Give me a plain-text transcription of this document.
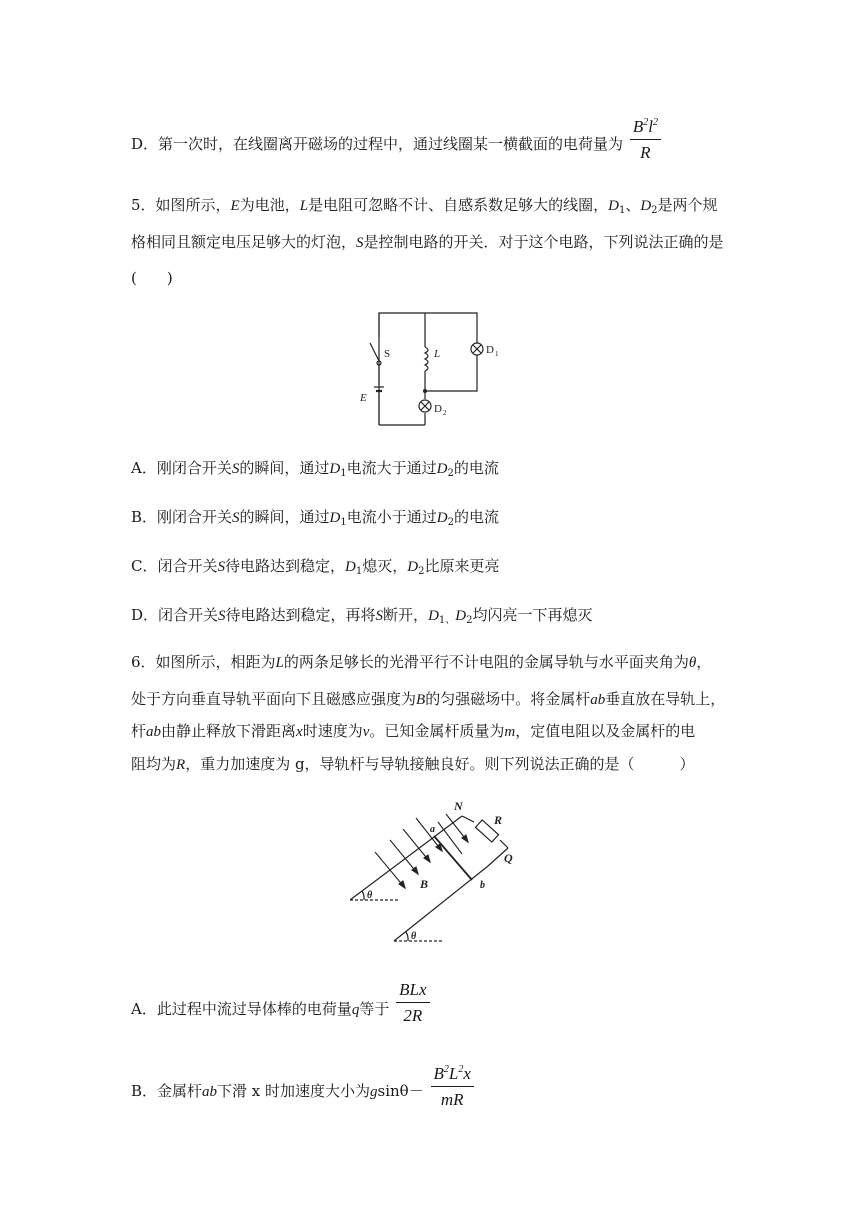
D．第一次时，在线圈离开磁场的过程中，通过线圈某一横截面的电荷量为 $\frac{B^2l^2}{R}$
5．如图所示，E为电池，L是电阻可忽略不计、自感系数足够大的线圈，$D_1$、$D_2$是两个规
格相同且额定电压足够大的灯泡，S是控制电路的开关．对于这个电路，下列说法正确的是
(　　)
S	L
E
D 1
D 2
A．刚闭合开关S的瞬间，通过$D_1$电流大于通过$D_2$的电流
B．刚闭合开关S的瞬间，通过$D_1$电流小于通过$D_2$的电流
C．闭合开关S待电路达到稳定，$D_1$熄灭，$D_2$比原来更亮
D．闭合开关S待电路达到稳定，再将S断开，$D_{1、}D_2$均闪亮一下再熄灭
6．如图所示，相距为L的两条足够长的光滑平行不计电阻的金属导轨与水平面夹角为θ，
处于方向垂直导轨平面向下且磁感应强度为B的匀强磁场中。将金属杆ab垂直放在导轨上，
杆ab由静止释放下滑距离x时速度为v。已知金属杆质量为m，定值电阻以及金属杆的电
阻均为R，重力加速度为 g，导轨杆与导轨接触良好。则下列说法正确的是（　　　）
N
R
a
Q
B	b
θ
θ
A．此过程中流过导体棒的电荷量q等于 $\frac{\text{BLx}}{2R}$
B．金属杆ab下滑 x 时加速度大小为$gsin\theta- \frac{B^2L^2x}{mR}$
